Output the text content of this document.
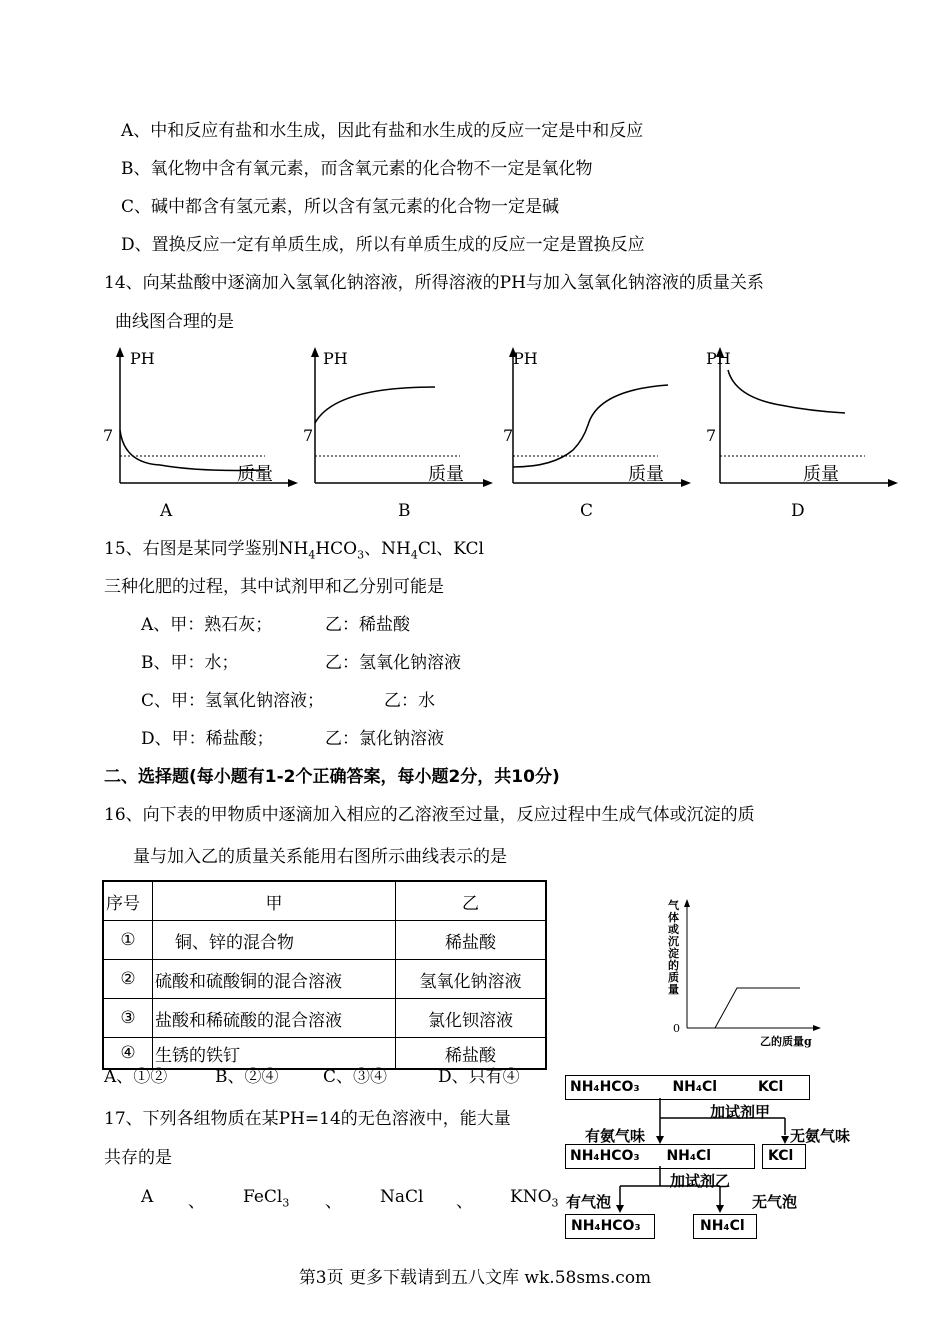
A、中和反应有盐和水生成，因此有盐和水生成的反应一定是中和反应
B、氧化物中含有氧元素，而含氧元素的化合物不一定是氧化物
C、碱中都含有氢元素，所以含有氢元素的化合物一定是碱
D、置换反应一定有单质生成，所以有单质生成的反应一定是置换反应
14、向某盐酸中逐滴加入氢氧化钠溶液，所得溶液的PH与加入氢氧化钠溶液的质量关系
曲线图合理的是
PH
7
质量
A
PH
7
质量
B
PH
7
质量
C
PH
7
质量
D
15、右图是某同学鉴别$NH_4HCO_3$、$NH_4Cl$、KCl
三种化肥的过程，其中试剂甲和乙分别可能是
A、甲：熟石灰；	乙：稀盐酸
B、甲：水；	乙：氢氧化钠溶液
C、甲：氢氧化钠溶液；	乙：水
D、甲：稀盐酸；	乙：氯化钠溶液
二、选择题(每小题有1-2个正确答案，每小题2分，共10分)
16、向下表的甲物质中逐滴加入相应的乙溶液至过量，反应过程中生成气体或沉淀的质
量与加入乙的质量关系能用右图所示曲线表示的是
序号	甲	乙
①	铜、锌的混合物	稀盐酸
②	硫酸和硫酸铜的混合溶液	氢氧化钠溶液
③	盐酸和稀硫酸的混合溶液	氯化钡溶液
④	生锈的铁钉	稀盐酸
A、①②	B、②④	C、③④	D、只有④
气
体
或
沉
淀
的
质
量
0
乙的质量g
17、下列各组物质在某PH=14的无色溶液中，能大量
共存的是
A 、 FeCl$_3$ 、 NaCl 、 $KNO_3$
NH₄HCO₃ NH₄Cl	KCl
加试剂甲
有氨气味	无氨气味
NH₄HCO₃ NH₄Cl	KCl
加试剂乙
有气泡	无气泡
NH₄HCO₃	NH₄Cl
第3页 更多下载请到五八文库 wk.58sms.com
